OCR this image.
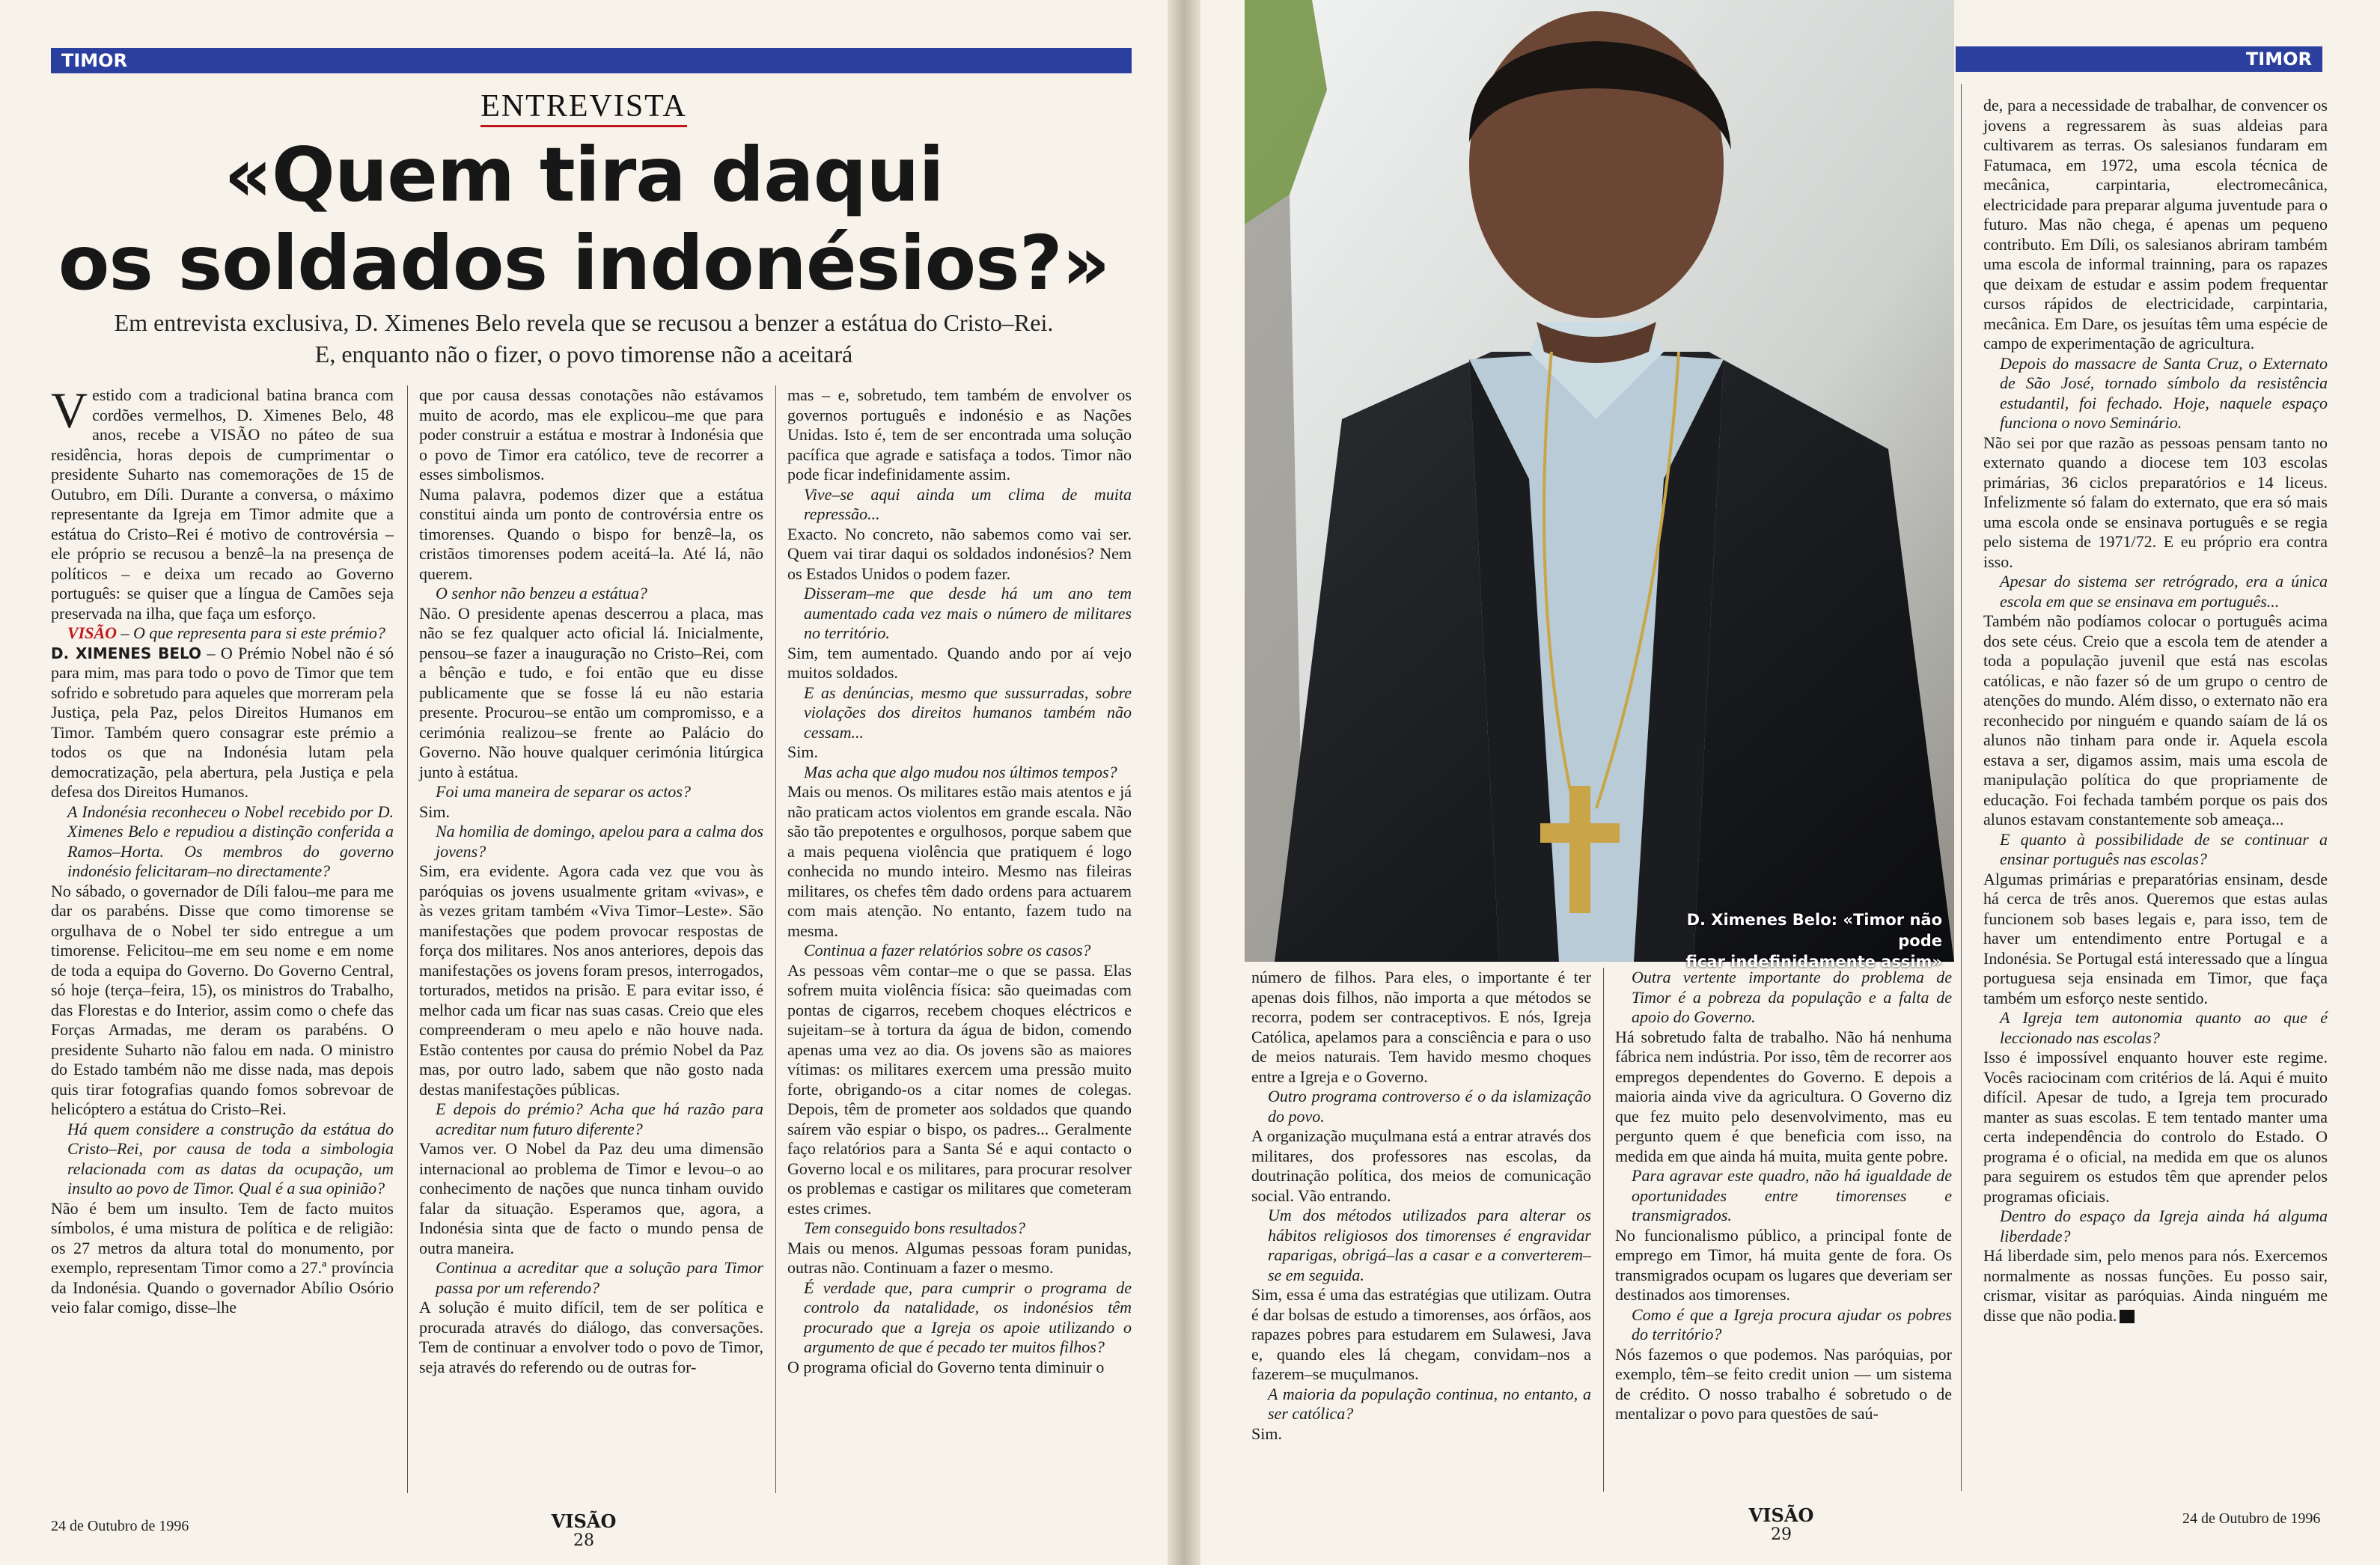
TIMOR
ENTREVISTA
«Quem tira daqui
os soldados indonésios?»
Em entrevista exclusiva, D. Ximenes Belo revela que se recusou a benzer a estátua do Cristo–Rei.
E, enquanto não o fizer, o povo timorense não a aceitará

Vestido com a tradicional batina branca com cordões vermelhos, D. Ximenes Belo, 48 anos, recebe a VISÃO no páteo de sua residência, horas depois de cumprimentar o presidente Suharto nas comemorações de 15 de Outubro, em Díli. Durante a conversa, o máximo representante da Igreja em Timor admite que a estátua do Cristo–Rei é motivo de controvérsia – ele próprio se recusou a benzê–la na presença de políticos – e deixa um recado ao Governo português: se quiser que a língua de Camões seja preservada na ilha, que faça um esforço.

VISÃO – O que representa para si este prémio?

D. XIMENES BELO – O Prémio Nobel não é só para mim, mas para todo o povo de Timor que tem sofrido e sobretudo para aqueles que morreram pela Justiça, pela Paz, pelos Direitos Humanos em Timor. Também quero consagrar este prémio a todos os que na Indonésia lutam pela democratização, pela abertura, pela Justiça e pela defesa dos Direitos Humanos.

A Indonésia reconheceu o Nobel recebido por D. Ximenes Belo e repudiou a distinção conferida a Ramos–Horta. Os membros do governo indonésio felicitaram–no directamente?

No sábado, o governador de Díli falou–me para me dar os parabéns. Disse que como timorense se orgulhava de o Nobel ter sido entregue a um timorense. Felicitou–me em seu nome e em nome de toda a equipa do Governo. Do Governo Central, só hoje (terça–feira, 15), os ministros do Trabalho, das Florestas e do Interior, assim como o chefe das Forças Armadas, me deram os parabéns. O presidente Suharto não falou em nada. O ministro do Estado também não me disse nada, mas depois quis tirar fotografias quando fomos sobrevoar de helicóptero a estátua do Cristo–Rei.

Há quem considere a construção da estátua do Cristo–Rei, por causa de toda a simbologia relacionada com as datas da ocupação, um insulto ao povo de Timor. Qual é a sua opinião?

Não é bem um insulto. Tem de facto muitos símbolos, é uma mistura de política e de religião: os 27 metros da altura total do monumento, por exemplo, representam Timor como a 27.ª província da Indonésia. Quando o governador Abílio Osório veio falar comigo, disse–lhe

que por causa dessas conotações não estávamos muito de acordo, mas ele explicou–me que para poder construir a estátua e mostrar à Indonésia que o povo de Timor era católico, teve de recorrer a esses simbolismos.

Numa palavra, podemos dizer que a estátua constitui ainda um ponto de controvérsia entre os timorenses. Quando o bispo for benzê–la, os cristãos timorenses podem aceitá–la. Até lá, não querem.

O senhor não benzeu a estátua?

Não. O presidente apenas descerrou a placa, mas não se fez qualquer acto oficial lá. Inicialmente, pensou–se fazer a inauguração no Cristo–Rei, com a bênção e tudo, e foi então que eu disse publicamente que se fosse lá eu não estaria presente. Procurou–se então um compromisso, e a cerimónia realizou–se frente ao Palácio do Governo. Não houve qualquer cerimónia litúrgica junto à estátua.

Foi uma maneira de separar os actos?

Sim.

Na homilia de domingo, apelou para a calma dos jovens?

Sim, era evidente. Agora cada vez que vou às paróquias os jovens usualmente gritam «vivas», e às vezes gritam também «Viva Timor–Leste». São manifestações que podem provocar respostas de força dos militares. Nos anos anteriores, depois das manifestações os jovens foram presos, interrogados, torturados, metidos na prisão. E para evitar isso, é melhor cada um ficar nas suas casas. Creio que eles compreenderam o meu apelo e não houve nada. Estão contentes por causa do prémio Nobel da Paz mas, por outro lado, sabem que não gosto nada destas manifestações públicas.

E depois do prémio? Acha que há razão para acreditar num futuro diferente?

Vamos ver. O Nobel da Paz deu uma dimensão internacional ao problema de Timor e levou–o ao conhecimento de nações que nunca tinham ouvido falar da situação. Esperamos que, agora, a Indonésia sinta que de facto o mundo pensa de outra maneira.

Continua a acreditar que a solução para Timor passa por um referendo?

A solução é muito difícil, tem de ser política e procurada através do diálogo, das conversações. Tem de continuar a envolver todo o povo de Timor, seja através do referendo ou de outras for-

mas – e, sobretudo, tem também de envolver os governos português e indonésio e as Nações Unidas. Isto é, tem de ser encontrada uma solução pacífica que agrade e satisfaça a todos. Timor não pode ficar indefinidamente assim.

Vive–se aqui ainda um clima de muita repressão...

Exacto. No concreto, não sabemos como vai ser. Quem vai tirar daqui os soldados indonésios? Nem os Estados Unidos o podem fazer.

Disseram–me que desde há um ano tem aumentado cada vez mais o número de militares no território.

Sim, tem aumentado. Quando ando por aí vejo muitos soldados.

E as denúncias, mesmo que sussurradas, sobre violações dos direitos humanos também não cessam...

Sim.

Mas acha que algo mudou nos últimos tempos?

Mais ou menos. Os militares estão mais atentos e já não praticam actos violentos em grande escala. Não são tão prepotentes e orgulhosos, porque sabem que a mais pequena violência que pratiquem é logo conhecida no mundo inteiro. Mesmo nas fileiras militares, os chefes têm dado ordens para actuarem com mais atenção. No entanto, fazem tudo na mesma.

Continua a fazer relatórios sobre os casos?

As pessoas vêm contar–me o que se passa. Elas sofrem muita violência física: são queimadas com pontas de cigarros, recebem choques eléctricos e sujeitam–se à tortura da água de bidon, comendo apenas uma vez ao dia. Os jovens são as maiores vítimas: os militares exercem uma pressão muito forte, obrigando-os a citar nomes de colegas. Depois, têm de prometer aos soldados que quando saírem vão espiar o bispo, os padres... Geralmente faço relatórios para a Santa Sé e aqui contacto o Governo local e os militares, para procurar resolver os problemas e castigar os militares que cometeram estes crimes.

Tem conseguido bons resultados?

Mais ou menos. Algumas pessoas foram punidas, outras não. Continuam a fazer o mesmo.

É verdade que, para cumprir o programa de controlo da natalidade, os indonésios têm procurado que a Igreja os apoie utilizando o argumento de que é pecado ter muitos filhos?

O programa oficial do Governo tenta diminuir o

24 de Outubro de 1996	VISÃO
28
D. Ximenes Belo: «Timor não pode
ficar indefinidamente assim»
TIMOR

número de filhos. Para eles, o importante é ter apenas dois filhos, não importa a que métodos se recorra, podem ser contraceptivos. E nós, Igreja Católica, apelamos para a consciência e para o uso de meios naturais. Tem havido mesmo choques entre a Igreja e o Governo.

Outro programa controverso é o da islamização do povo.

A organização muçulmana está a entrar através dos militares, dos professores nas escolas, da doutrinação política, dos meios de comunicação social. Vão entrando.

Um dos métodos utilizados para alterar os hábitos religiosos dos timorenses é engravidar raparigas, obrigá–las a casar e a converterem–se em seguida.

Sim, essa é uma das estratégias que utilizam. Outra é dar bolsas de estudo a timorenses, aos órfãos, aos rapazes pobres para estudarem em Sulawesi, Java e, quando eles lá chegam, convidam–nos a fazerem–se muçulmanos.

A maioria da população continua, no entanto, a ser católica?

Sim.

Outra vertente importante do problema de Timor é a pobreza da população e a falta de apoio do Governo.

Há sobretudo falta de trabalho. Não há nenhuma fábrica nem indústria. Por isso, têm de recorrer aos empregos dependentes do Governo. E depois a maioria ainda vive da agricultura. O Governo diz que fez muito pelo desenvolvimento, mas eu pergunto quem é que beneficia com isso, na medida em que ainda há muita, muita gente pobre.

Para agravar este quadro, não há igualdade de oportunidades entre timorenses e transmigrados.

No funcionalismo público, a principal fonte de emprego em Timor, há muita gente de fora. Os transmigrados ocupam os lugares que deveriam ser destinados aos timorenses.

Como é que a Igreja procura ajudar os pobres do território?

Nós fazemos o que podemos. Nas paróquias, por exemplo, têm–se feito credit union — um sistema de crédito. O nosso trabalho é sobretudo o de mentalizar o povo para questões de saú-

de, para a necessidade de trabalhar, de convencer os jovens a regressarem às suas aldeias para cultivarem as terras. Os salesianos fundaram em Fatumaca, em 1972, uma escola técnica de mecânica, carpintaria, electromecânica, electricidade para preparar alguma juventude para o futuro. Mas não chega, é apenas um pequeno contributo. Em Díli, os salesianos abriram também uma escola de informal trainning, para os rapazes que deixam de estudar e assim podem frequentar cursos rápidos de electricidade, carpintaria, mecânica. Em Dare, os jesuítas têm uma espécie de campo de experimentação de agricultura.

Depois do massacre de Santa Cruz, o Externato de São José, tornado símbolo da resistência estudantil, foi fechado. Hoje, naquele espaço funciona o novo Seminário.

Não sei por que razão as pessoas pensam tanto no externato quando a diocese tem 103 escolas primárias, 36 ciclos preparatórios e 14 liceus. Infelizmente só falam do externato, que era só mais uma escola onde se ensinava português e se regia pelo sistema de 1971/72. E eu próprio era contra isso.

Apesar do sistema ser retrógrado, era a única escola em que se ensinava em português...

Também não podíamos colocar o português acima dos sete céus. Creio que a escola tem de atender a toda a população juvenil que está nas escolas católicas, e não fazer só de um grupo o centro de atenções do mundo. Além disso, o externato não era reconhecido por ninguém e quando saíam de lá os alunos não tinham para onde ir. Aquela escola estava a ser, digamos assim, mais uma escola de manipulação política do que propriamente de educação. Foi fechada também porque os pais dos alunos estavam constantemente sob ameaça...

E quanto à possibilidade de se continuar a ensinar português nas escolas?

Algumas primárias e preparatórias ensinam, desde há cerca de três anos. Queremos que estas aulas funcionem sob bases legais e, para isso, tem de haver um entendimento entre Portugal e a Indonésia. Se Portugal está interessado que a língua portuguesa seja ensinada em Timor, que faça também um esforço neste sentido.

A Igreja tem autonomia quanto ao que é leccionado nas escolas?

Isso é impossível enquanto houver este regime. Vocês raciocinam com critérios de lá. Aqui é muito difícil. Apesar de tudo, a Igreja tem procurado manter as suas escolas. E tem tentado manter uma certa independência do controlo do Estado. O programa é o oficial, na medida em que os alunos para seguirem os estudos têm que aprender pelos programas oficiais.

Dentro do espaço da Igreja ainda há alguma liberdade?

Há liberdade sim, pelo menos para nós. Exercemos normalmente as nossas funções. Eu posso sair, crismar, visitar as paróquias. Ainda ninguém me disse que não podia.

VISÃO
29
24 de Outubro de 1996
